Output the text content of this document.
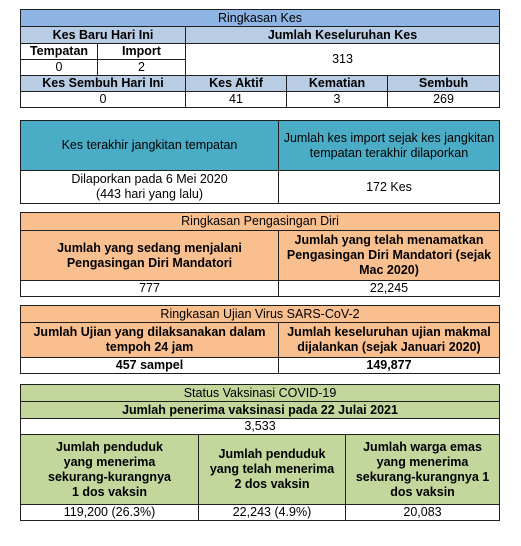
Ringkasan Kes				
Kes Baru Hari Ini		Jumlah Keseluruhan Kes		
Tempatan	Import	313		
0	2			
Kes Sembuh Hari Ini		Kes Aktif	Kematian	Sembuh
0		41	3	269
Kes terakhir jangkitan tempatan	Jumlah kes import sejak kes jangkitan tempatan terakhir dilaporkan

Dilaporkan pada 6 Mei 2020
(443 hari yang lalu)	172 Kes
Ringkasan Pengasingan Diri	
Jumlah yang sedang menjalani Pengasingan Diri Mandatori	Jumlah yang telah menamatkan Pengasingan Diri Mandatori (sejak Mac 2020)
777	22,245
Ringkasan Ujian Virus SARS-CoV-2	
Jumlah Ujian yang dilaksanakan dalam tempoh 24 jam	Jumlah keseluruhan ujian makmal dijalankan (sejak Januari 2020)
457 sampel	149,877
Status Vaksinasi COVID-19		
Jumlah penerima vaksinasi pada 22 Julai 2021		
3,533		
Jumlah penduduk yang menerima sekurang-kurangnya 1 dos vaksin	Jumlah penduduk yang telah menerima 2 dos vaksin	Jumlah warga emas yang menerima sekurang-kurangnya 1 dos vaksin
119,200 (26.3%)	22,243 (4.9%)	20,083
